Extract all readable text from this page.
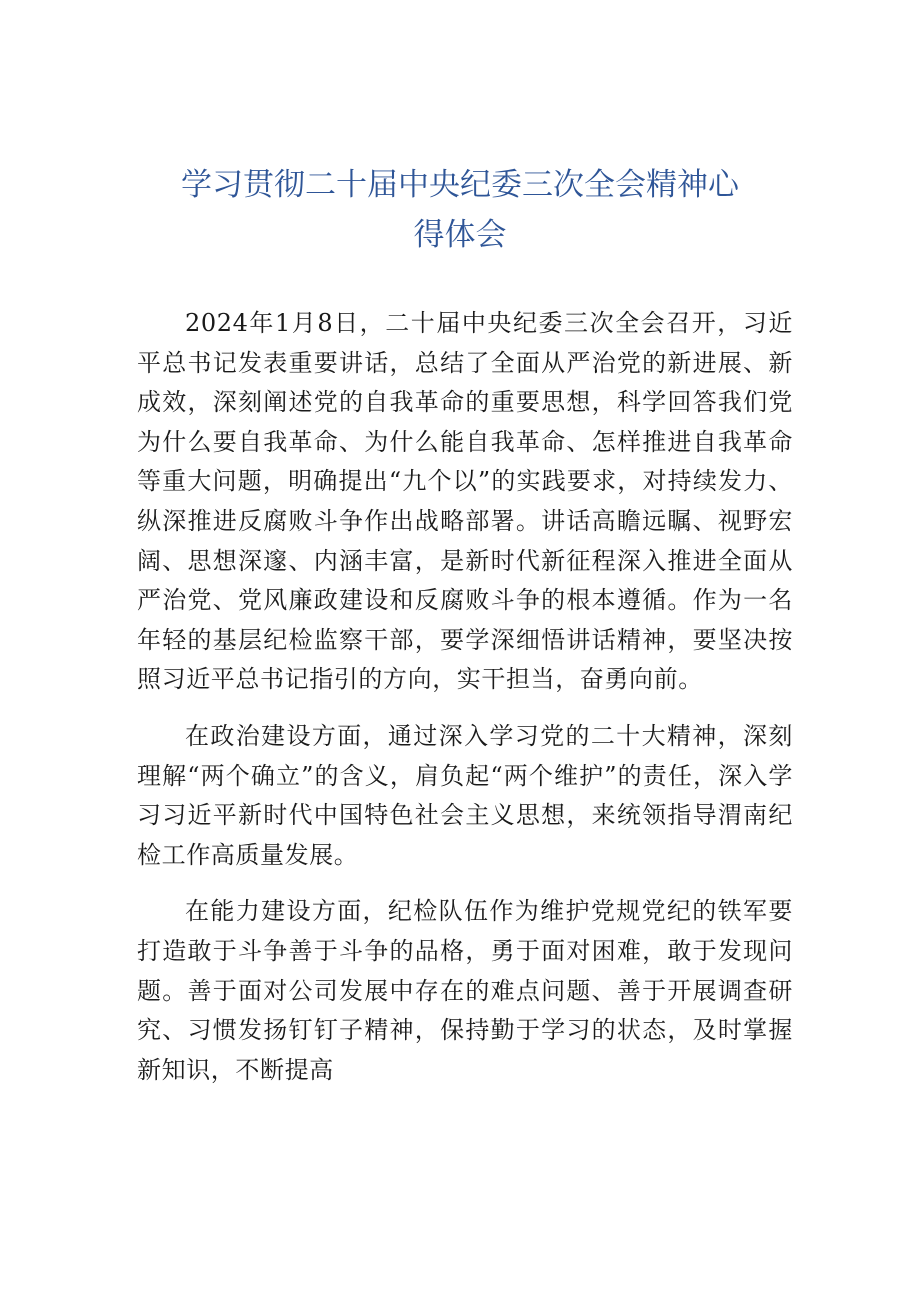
学习贯彻二十届中央纪委三次全会精神心
得体会

2024年1月8日，二十届中央纪委三次全会召开，习近平总书记发表重要讲话，总结了全面从严治党的新进展、新成效，深刻阐述党的自我革命的重要思想，科学回答我们党为什么要自我革命、为什么能自我革命、怎样推进自我革命等重大问题，明确提出“九个以”的实践要求，对持续发力、纵深推进反腐败斗争作出战略部署。讲话高瞻远瞩、视野宏阔、思想深邃、内涵丰富，是新时代新征程深入推进全面从严治党、党风廉政建设和反腐败斗争的根本遵循。作为一名年轻的基层纪检监察干部，要学深细悟讲话精神，要坚决按照习近平总书记指引的方向，实干担当，奋勇向前。

在政治建设方面，通过深入学习党的二十大精神，深刻理解“两个确立”的含义，肩负起“两个维护”的责任，深入学习习近平新时代中国特色社会主义思想，来统领指导渭南纪检工作高质量发展。

在能力建设方面，纪检队伍作为维护党规党纪的铁军要打造敢于斗争善于斗争的品格，勇于面对困难，敢于发现问题。善于面对公司发展中存在的难点问题、善于开展调查研究、习惯发扬钉钉子精神，保持勤于学习的状态，及时掌握新知识，不断提高
